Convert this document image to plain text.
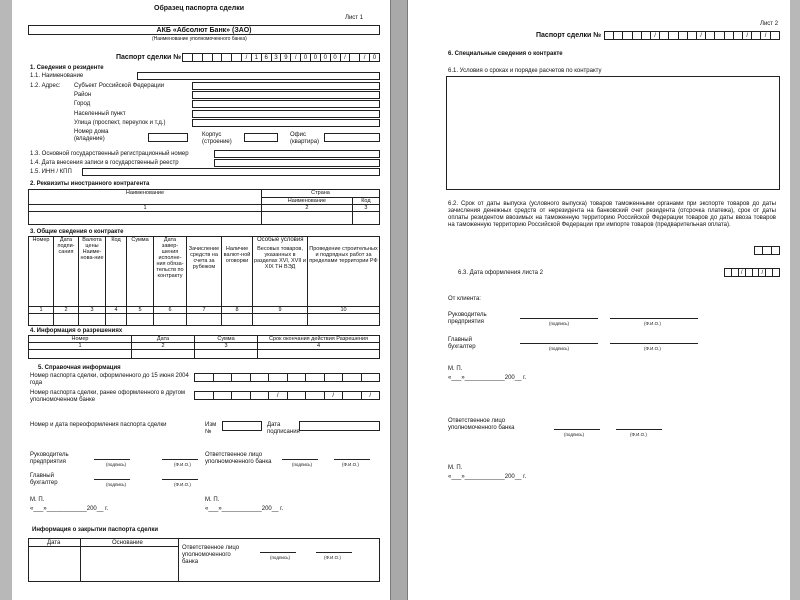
Образец паспорта сделки
Лист 1
АКБ «Абсолют Банк» (ЗАО)
(Наименование уполномоченного банка)
Паспорт сделки №	/	1	6	3	9	/	0	0	0	0	/	/	0
1. Сведения о резиденте
1.1. Наименование
1.2. Адрес:
Корпус (строение)
Офис (квартира)
1.3. Основной государственный регистрационный номер
1.4. Дата внесения записи в государственный реестр
1.5. ИНН / КПП
2. Реквизиты иностранного контрагента
Наименование	Страна	
	Наименование	Код
1	2	3

3. Общие сведения о контракте
Номер	Дата подпи-сания	Валюта цены Наиме-нова-ние	Код	Сумма	Дата завер-шения исполне-ния обяза-тельств по контракту	Зачисление средств на счета за рубежом	Наличие валют-ной оговорки	Весовых товаров, указанных в разделах XVI, XVII и XIX ТН ВЭД	Проведение строительных и подрядных работ за пределами территории РФ
1	2	3	4	5	6	7	8	9	10

Особые условия
4. Информация о разрешениях
Номер	Дата	Сумма	Срок окончания действия Разрешения
1	2	3	4

5. Справочная информация
Номер паспорта сделки, оформленного до 15 июня 2004 года
Номер паспорта сделки, ранее оформленного в другом уполномоченном банке
/	/	/
Номер и дата переоформления паспорта сделки	Изм №
Дата подписания
Руководитель предприятия	(подпись)	(Ф.И.О.)
Ответственное лицо уполномоченного банка	(подпись)	(Ф.И.О.)
Главный бухгалтер	(подпись)	(Ф.И.О.)
М. П.
«___»____________200__ г.
М. П.
«___»____________200__ г.
Информация о закрытии паспорта сделки
Дата	Основание
Ответственное лицо уполномоченного банка
(подпись)	(Ф.И.О.)
Субъект Российской Федерации
Район
Город
Населенный пункт
Улица (проспект, переулок и т.д.)
Номер дома (владение)
Лист 2
Паспорт сделки №	/	/	/	/
6. Специальные сведения о контракте
6.1. Условия о сроках и порядке расчетов по контракту
6.2. Срок от даты выпуска (условного выпуска) товаров таможенными органами при экспорте товаров до даты зачисления денежных средств от нерезидента на банковский счет резидента (отсрочка платежа), срок от даты оплаты резидентом ввозимых на таможенную территорию Российской Федерации товаров до даты ввоза товаров на таможенную территорию Российской Федерации при импорте товаров (предварительная оплата).
6.3. Дата оформления листа 2	/	/
От клиента:
Руководитель предприятия	(подпись)	(Ф.И.О.)
Главный бухгалтер	(подпись)	(Ф.И.О.)
М. П.
«___»____________200__ г.
Ответственное лицо уполномоченного банка
(подпись)	(Ф.И.О.)
М. П.
«___»____________200__ г.
